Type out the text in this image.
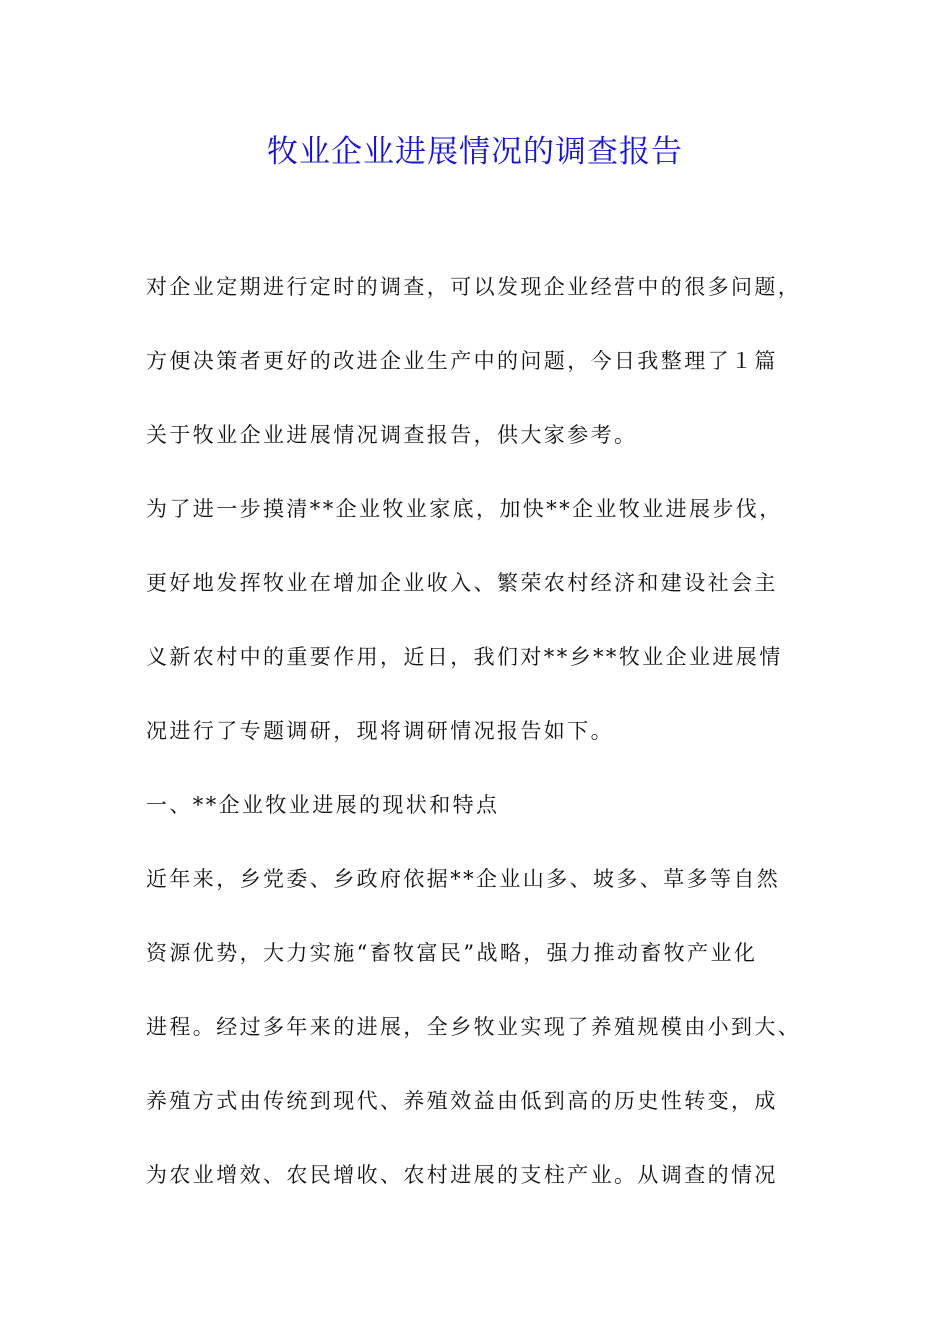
牧业企业进展情况的调查报告
对企业定期进行定时的调查，可以发现企业经营中的很多问题，
方便决策者更好的改进企业生产中的问题，今日我整理了１篇
关于牧业企业进展情况调查报告，供大家参考。
为了进一步摸清**企业牧业家底，加快**企业牧业进展步伐，
更好地发挥牧业在增加企业收入、繁荣农村经济和建设社会主
义新农村中的重要作用，近日，我们对**乡**牧业企业进展情
况进行了专题调研，现将调研情况报告如下。
一、**企业牧业进展的现状和特点
近年来，乡党委、乡政府依据**企业山多、坡多、草多等自然
资源优势，大力实施“畜牧富民”战略，强力推动畜牧产业化
进程。经过多年来的进展，全乡牧业实现了养殖规模由小到大、
养殖方式由传统到现代、养殖效益由低到高的历史性转变，成
为农业增效、农民增收、农村进展的支柱产业。从调查的情况
